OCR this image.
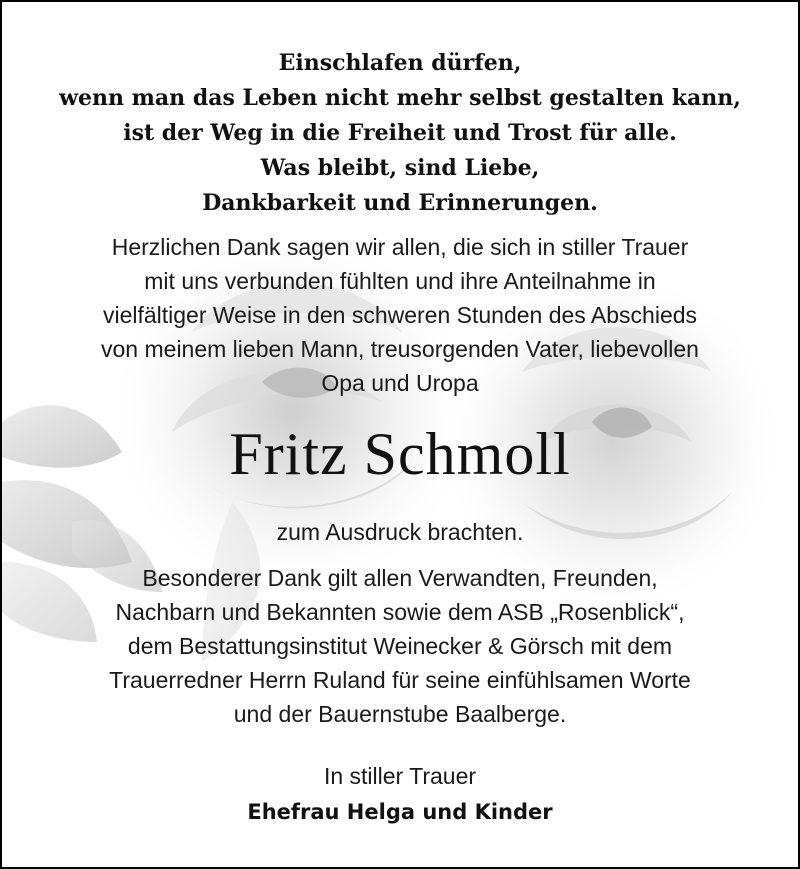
Einschlafen dürfen,
wenn man das Leben nicht mehr selbst gestalten kann,
ist der Weg in die Freiheit und Trost für alle.
Was bleibt, sind Liebe,
Dankbarkeit und Erinnerungen.
Herzlichen Dank sagen wir allen, die sich in stiller Trauer
mit uns verbunden fühlten und ihre Anteilnahme in
vielfältiger Weise in den schweren Stunden des Abschieds
von meinem lieben Mann, treusorgenden Vater, liebevollen
Opa und Uropa
Fritz Schmoll
zum Ausdruck brachten.
Besonderer Dank gilt allen Verwandten, Freunden,
Nachbarn und Bekannten sowie dem ASB „Rosenblick“,
dem Bestattungsinstitut Weinecker & Görsch mit dem
Trauerredner Herrn Ruland für seine einfühlsamen Worte
und der Bauernstube Baalberge.
In stiller Trauer
Ehefrau Helga und Kinder
